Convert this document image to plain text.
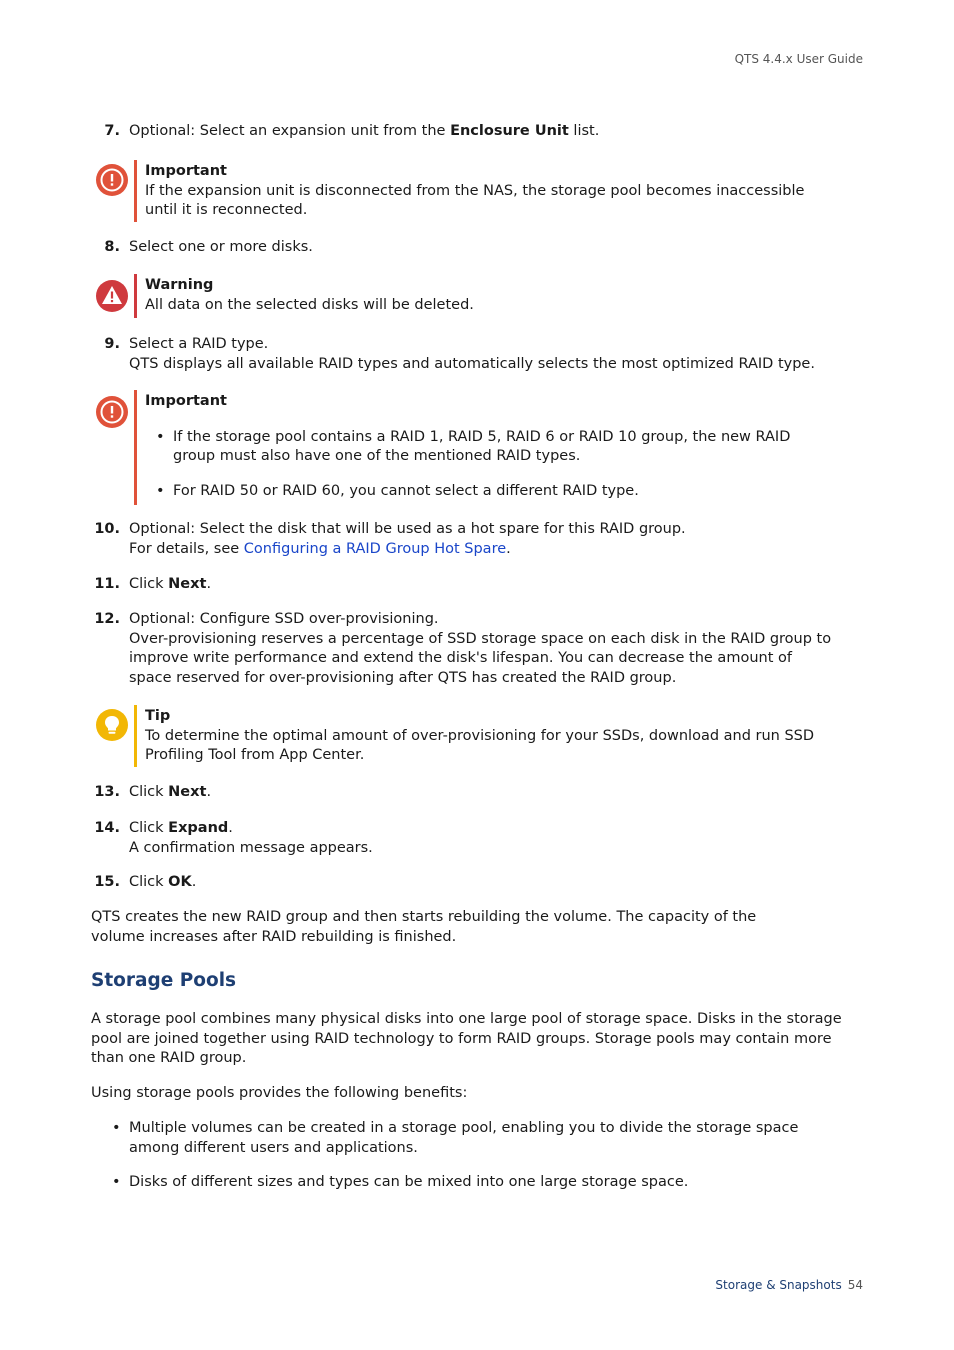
QTS 4.4.x User Guide
7. Optional: Select an expansion unit from the Enclosure Unit list.
Important
If the expansion unit is disconnected from the NAS, the storage pool becomes inaccessible until it is reconnected.
8. Select one or more disks.
Warning
All data on the selected disks will be deleted.
9. Select a RAID type.
QTS displays all available RAID types and automatically selects the most optimized RAID type.
Important
• If the storage pool contains a RAID 1, RAID 5, RAID 6 or RAID 10 group, the new RAID group must also have one of the mentioned RAID types.
• For RAID 50 or RAID 60, you cannot select a different RAID type.
10. Optional: Select the disk that will be used as a hot spare for this RAID group.
For details, see Configuring a RAID Group Hot Spare.
11. Click Next.
12. Optional: Configure SSD over-provisioning.
Over-provisioning reserves a percentage of SSD storage space on each disk in the RAID group to improve write performance and extend the disk's lifespan. You can decrease the amount of space reserved for over-provisioning after QTS has created the RAID group.
Tip
To determine the optimal amount of over-provisioning for your SSDs, download and run SSD Profiling Tool from App Center.
13. Click Next.
14. Click Expand.
A confirmation message appears.
15. Click OK.
QTS creates the new RAID group and then starts rebuilding the volume. The capacity of the volume increases after RAID rebuilding is finished.
Storage Pools
A storage pool combines many physical disks into one large pool of storage space. Disks in the storage pool are joined together using RAID technology to form RAID groups. Storage pools may contain more than one RAID group.
Using storage pools provides the following benefits:
• Multiple volumes can be created in a storage pool, enabling you to divide the storage space among different users and applications.
• Disks of different sizes and types can be mixed into one large storage space.
Storage & Snapshots 54
